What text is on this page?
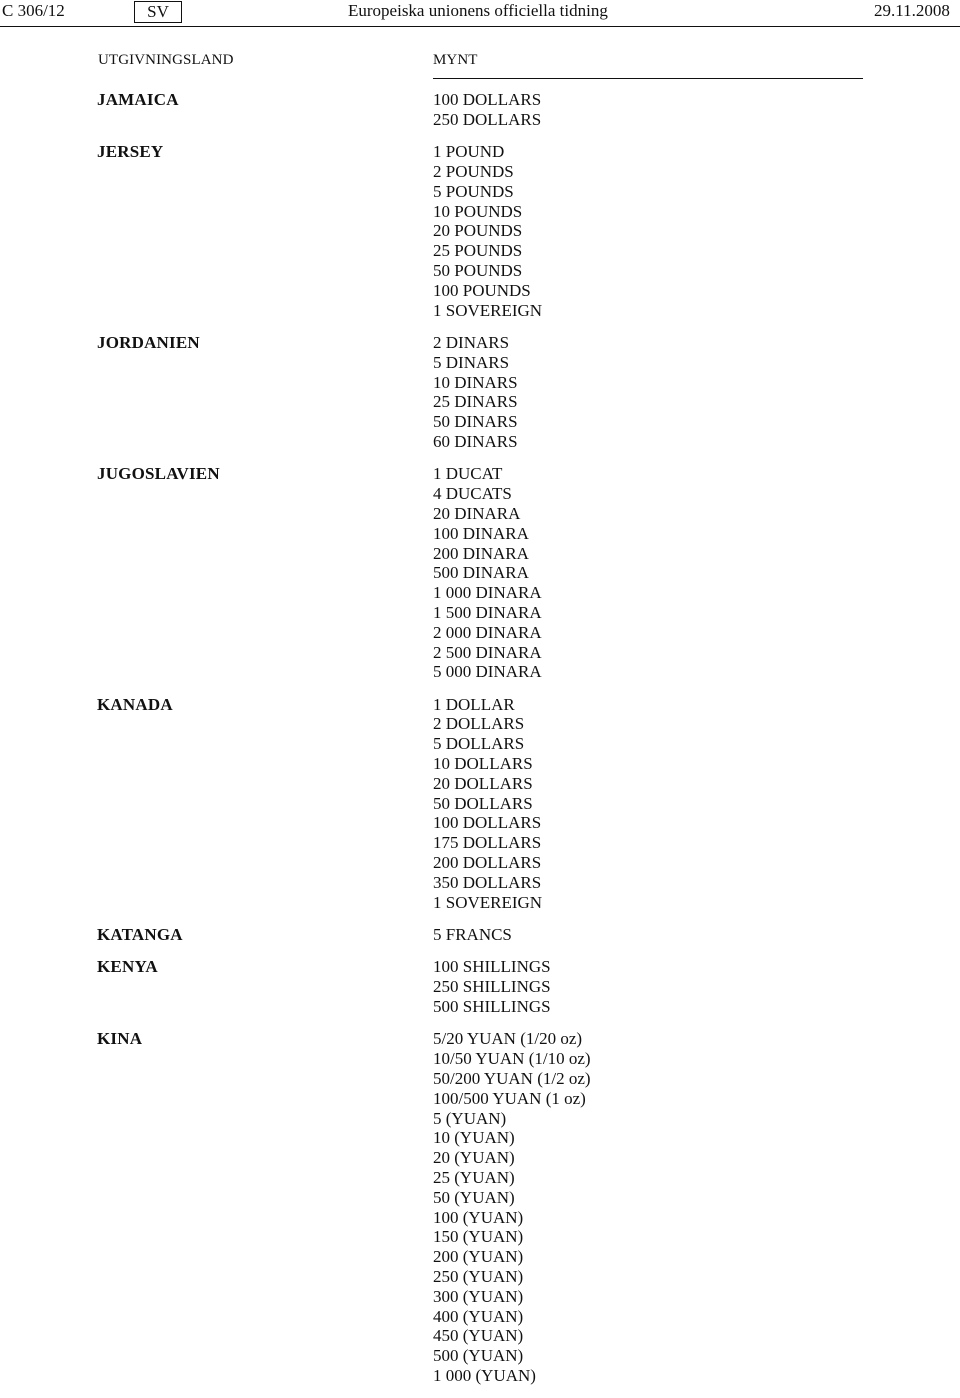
C 306/12	SV	Europeiska unionens officiella tidning	29.11.2008
UTGIVNINGSLAND	MYNT
JAMAICA	100 DOLLARS
250 DOLLARS
JERSEY	1 POUND
2 POUNDS
5 POUNDS
10 POUNDS
20 POUNDS
25 POUNDS
50 POUNDS
100 POUNDS
1 SOVEREIGN
JORDANIEN	2 DINARS
5 DINARS
10 DINARS
25 DINARS
50 DINARS
60 DINARS
JUGOSLAVIEN	1 DUCAT
4 DUCATS
20 DINARA
100 DINARA
200 DINARA
500 DINARA
1 000 DINARA
1 500 DINARA
2 000 DINARA
2 500 DINARA
5 000 DINARA
KANADA	1 DOLLAR
2 DOLLARS
5 DOLLARS
10 DOLLARS
20 DOLLARS
50 DOLLARS
100 DOLLARS
175 DOLLARS
200 DOLLARS
350 DOLLARS
1 SOVEREIGN
KATANGA	5 FRANCS
KENYA	100 SHILLINGS
250 SHILLINGS
500 SHILLINGS
KINA	5/20 YUAN (1/20 oz)
10/50 YUAN (1/10 oz)
50/200 YUAN (1/2 oz)
100/500 YUAN (1 oz)
5 (YUAN)
10 (YUAN)
20 (YUAN)
25 (YUAN)
50 (YUAN)
100 (YUAN)
150 (YUAN)
200 (YUAN)
250 (YUAN)
300 (YUAN)
400 (YUAN)
450 (YUAN)
500 (YUAN)
1 000 (YUAN)
